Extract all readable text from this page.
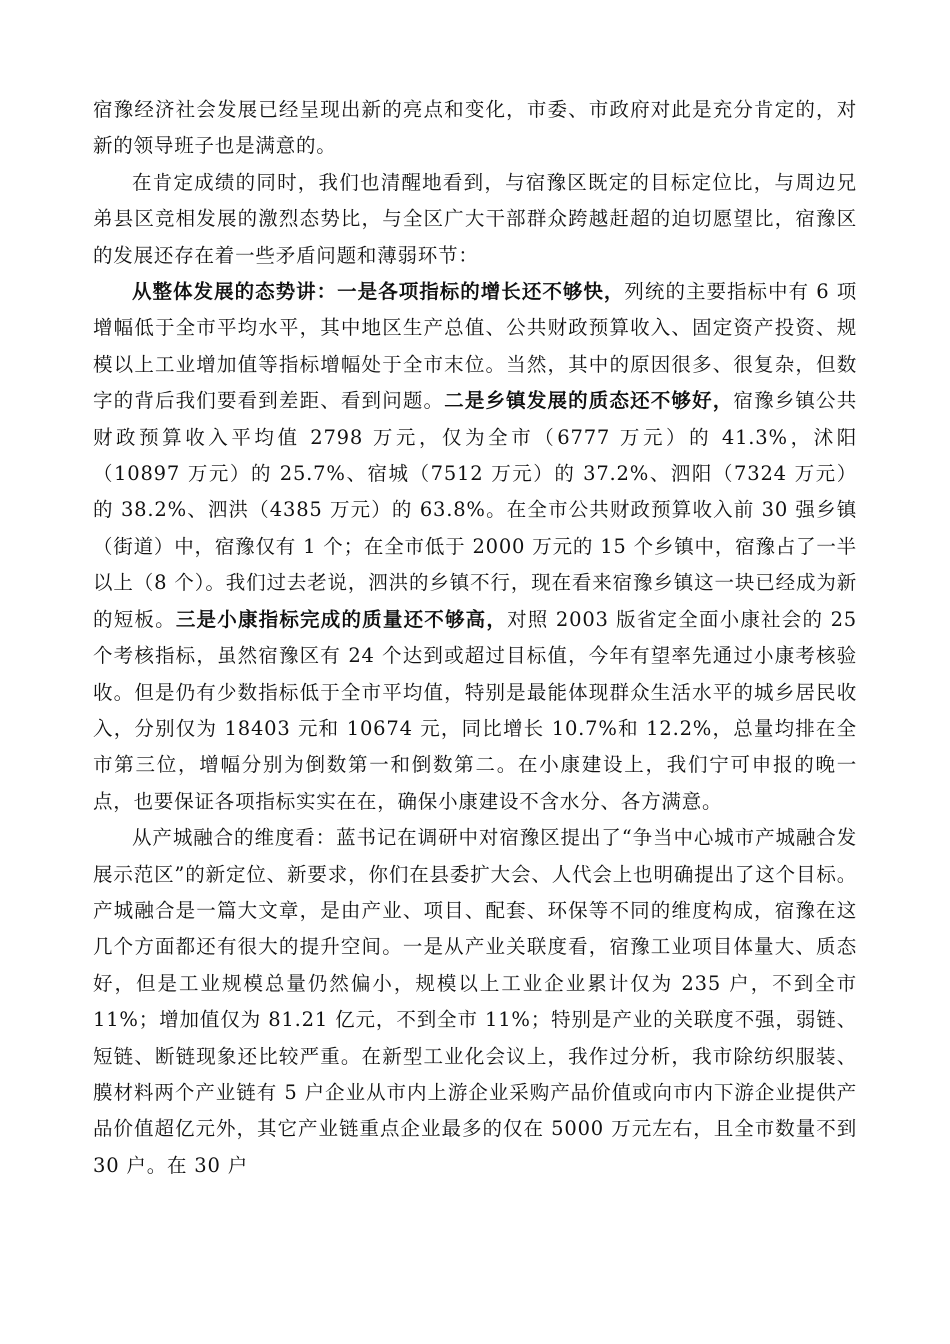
宿豫经济社会发展已经呈现出新的亮点和变化，市委、市政府对此是充分肯定的，对新的领导班子也是满意的。

在肯定成绩的同时，我们也清醒地看到，与宿豫区既定的目标定位比，与周边兄弟县区竞相发展的激烈态势比，与全区广大干部群众跨越赶超的迫切愿望比，宿豫区的发展还存在着一些矛盾问题和薄弱环节：

从整体发展的态势讲：一是各项指标的增长还不够快，列统的主要指标中有 6 项增幅低于全市平均水平，其中地区生产总值、公共财政预算收入、固定资产投资、规模以上工业增加值等指标增幅处于全市末位。当然，其中的原因很多、很复杂，但数字的背后我们要看到差距、看到问题。二是乡镇发展的质态还不够好，宿豫乡镇公共财政预算收入平均值 2798 万元，仅为全市（6777 万元）的 41.3%，沭阳（10897 万元）的 25.7%、宿城（7512 万元）的 37.2%、泗阳（7324 万元）的 38.2%、泗洪（4385 万元）的 63.8%。在全市公共财政预算收入前 30 强乡镇（街道）中，宿豫仅有 1 个；在全市低于 2000 万元的 15 个乡镇中，宿豫占了一半以上（8 个）。我们过去老说，泗洪的乡镇不行，现在看来宿豫乡镇这一块已经成为新的短板。三是小康指标完成的质量还不够高，对照 2003 版省定全面小康社会的 25 个考核指标，虽然宿豫区有 24 个达到或超过目标值，今年有望率先通过小康考核验收。但是仍有少数指标低于全市平均值，特别是最能体现群众生活水平的城乡居民收入，分别仅为 18403 元和 10674 元，同比增长 10.7%和 12.2%，总量均排在全市第三位，增幅分别为倒数第一和倒数第二。在小康建设上，我们宁可申报的晚一点，也要保证各项指标实实在在，确保小康建设不含水分、各方满意。

从产城融合的维度看：蓝书记在调研中对宿豫区提出了“争当中心城市产城融合发展示范区”的新定位、新要求，你们在县委扩大会、人代会上也明确提出了这个目标。产城融合是一篇大文章，是由产业、项目、配套、环保等不同的维度构成，宿豫在这几个方面都还有很大的提升空间。一是从产业关联度看，宿豫工业项目体量大、质态好，但是工业规模总量仍然偏小，规模以上工业企业累计仅为 235 户，不到全市 11%；增加值仅为 81.21 亿元，不到全市 11%；特别是产业的关联度不强，弱链、短链、断链现象还比较严重。在新型工业化会议上，我作过分析，我市除纺织服装、膜材料两个产业链有 5 户企业从市内上游企业采购产品价值或向市内下游企业提供产品价值超亿元外，其它产业链重点企业最多的仅在 5000 万元左右，且全市数量不到 30 户。在 30 户
